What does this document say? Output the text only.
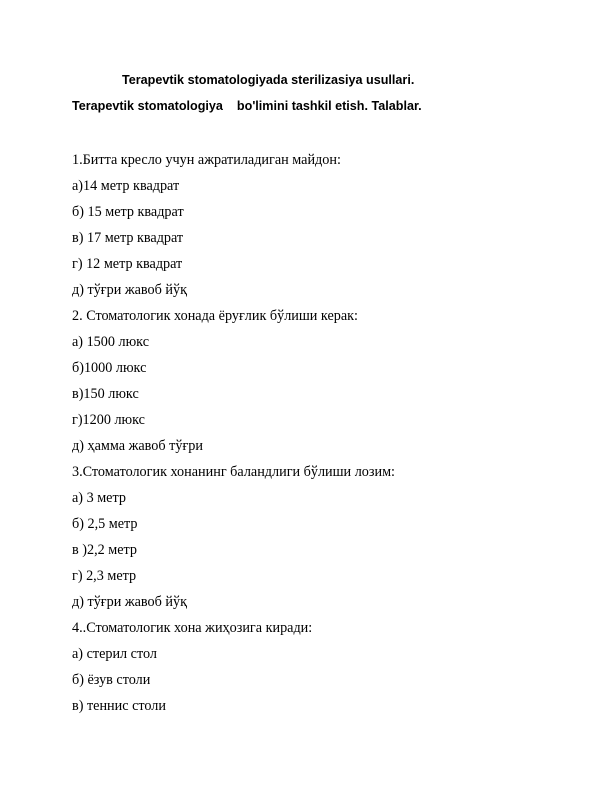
Terapevtik stomatologiyada sterilizasiya usullari.
Terapevtik stomatologiya    bo'limini tashkil etish. Talablar.
1.Битта кресло учун ажратиладиган майдон:
а)14 метр квадрат
б) 15 метр квадрат
в) 17 метр квадрат
г) 12 метр квадрат
д) тўғри жавоб йўқ
2. Стоматологик хонада ёруғлик бўлиши керак:
а) 1500 люкс
б)1000 люкс
в)150 люкс
г)1200 люкс
д) ҳамма жавоб тўғри
3.Стоматологик хонанинг баландлиги бўлиши лозим:
а) 3 метр
б) 2,5 метр
в )2,2 метр
г) 2,3 метр
д) тўғри жавоб йўқ
4..Стоматологик хона жиҳозига киради:
а) стерил стол
б) ёзув столи
в) теннис столи
